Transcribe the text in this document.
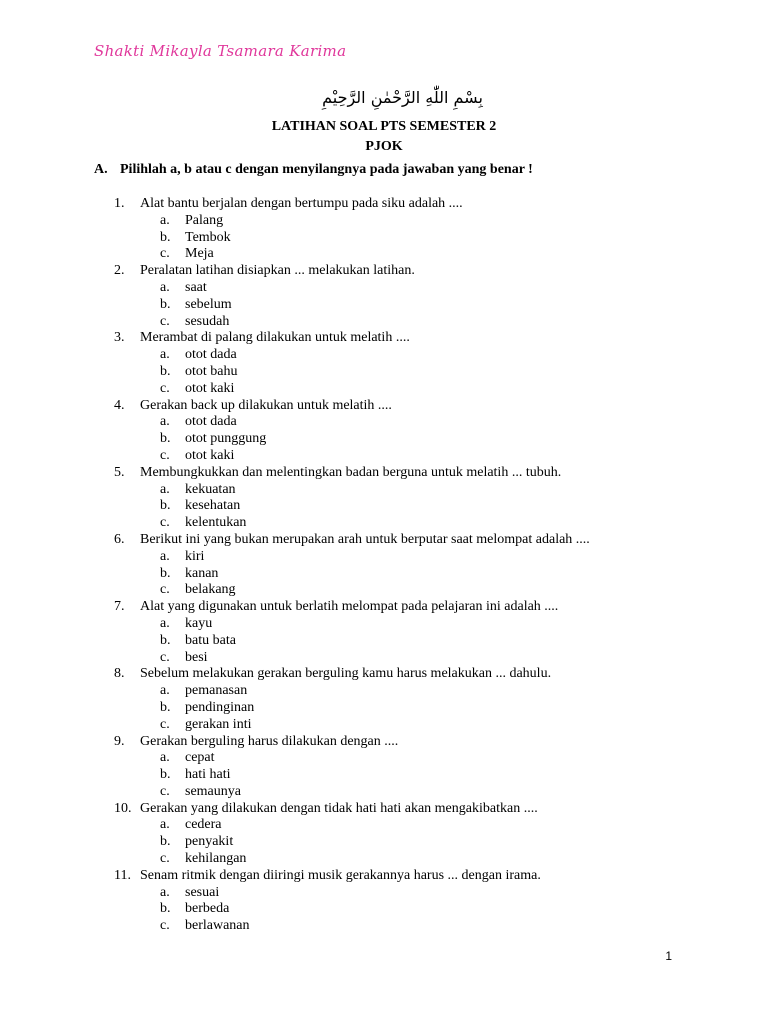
Shakti Mikayla Tsamara Karima
بِسْمِ اللّٰهِ الرَّحْمٰنِ الرَّحِيْمِ
LATIHAN SOAL PTS SEMESTER 2
PJOK
A. Pilihlah a, b atau c dengan menyilangnya pada jawaban yang benar !
1.	Alat bantu berjalan dengan bertumpu pada siku adalah ....
a. Palang
b. Tembok
c. Meja
2.	Peralatan latihan disiapkan ... melakukan latihan.
a. saat
b. sebelum
c. sesudah
3.	Merambat di palang dilakukan untuk melatih ....
a. otot dada
b. otot bahu
c. otot kaki
4.	Gerakan back up dilakukan untuk melatih ....
a. otot dada
b. otot punggung
c. otot kaki
5.	Membungkukkan dan melentingkan badan berguna untuk melatih ... tubuh.
a. kekuatan
b. kesehatan
c. kelentukan
6.	Berikut ini yang bukan merupakan arah untuk berputar saat melompat adalah ....
a. kiri
b. kanan
c. belakang
7.	Alat yang digunakan untuk berlatih melompat pada pelajaran ini adalah ....
a. kayu
b. batu bata
c. besi
8.	Sebelum melakukan gerakan berguling kamu harus melakukan ... dahulu.
a. pemanasan
b. pendinginan
c. gerakan inti
9.	Gerakan berguling harus dilakukan dengan ....
a. cepat
b. hati hati
c. semaunya
10. Gerakan yang dilakukan dengan tidak hati hati akan mengakibatkan ....
a. cedera
b. penyakit
c. kehilangan
11. Senam ritmik dengan diiringi musik gerakannya harus ... dengan irama.
a. sesuai
b. berbeda
c. berlawanan
1
